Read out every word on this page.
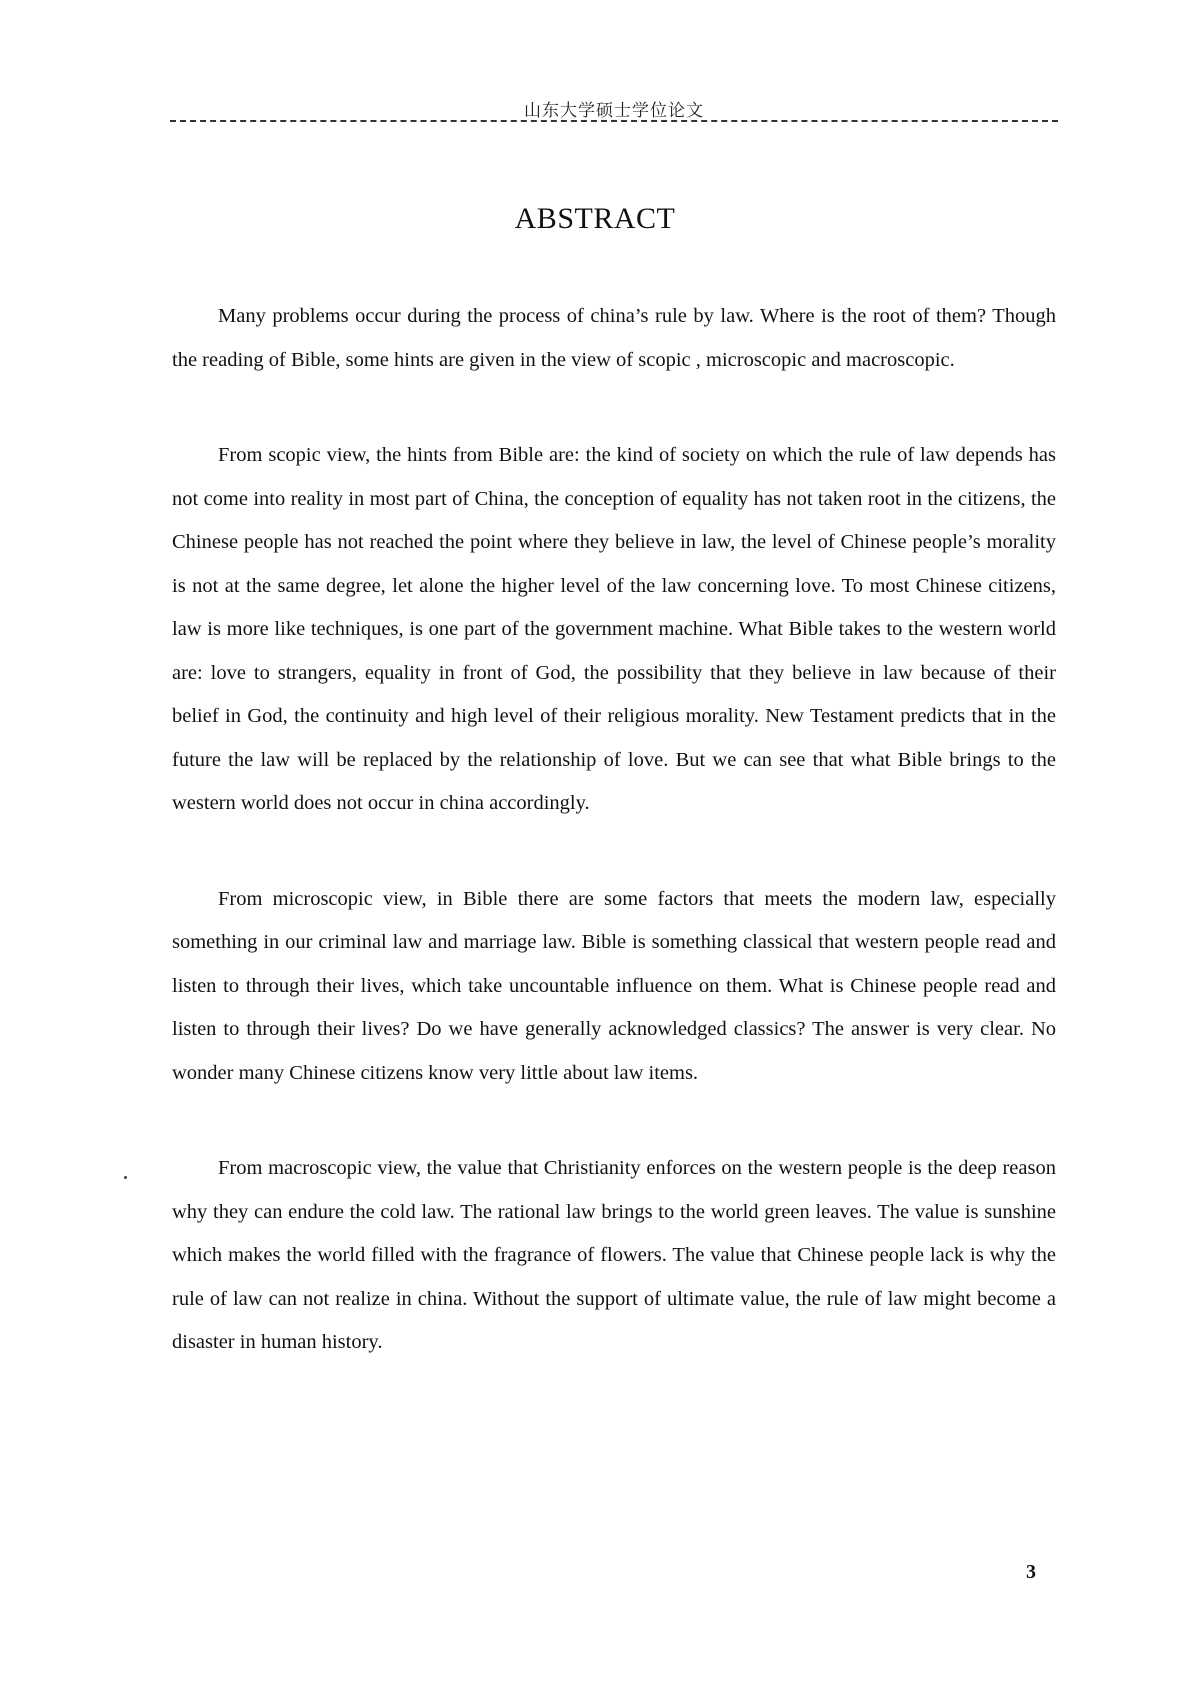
山东大学硕士学位论文
ABSTRACT

Many problems occur during the process of china’s rule by law. Where is the root of them? Though the reading of Bible, some hints are given in the view of scopic , microscopic and macroscopic.

From scopic view, the hints from Bible are: the kind of society on which the rule of law depends has not come into reality in most part of China, the conception of equality has not taken root in the citizens, the Chinese people has not reached the point where they believe in law, the level of Chinese people’s morality is not at the same degree, let alone the higher level of the law concerning love. To most Chinese citizens, law is more like techniques, is one part of the government machine. What Bible takes to the western world are: love to strangers, equality in front of God, the possibility that they believe in law because of their belief in God, the continuity and high level of their religious morality. New Testament predicts that in the future the law will be replaced by the relationship of love. But we can see that what Bible brings to the western world does not occur in china accordingly.

From microscopic view, in Bible there are some factors that meets the modern law, especially something in our criminal law and marriage law. Bible is something classical that western people read and listen to through their lives, which take uncountable influence on them. What is Chinese people read and listen to through their lives? Do we have generally acknowledged classics? The answer is very clear. No wonder many Chinese citizens know very little about law items.

From macroscopic view, the value that Christianity enforces on the western people is the deep reason why they can endure the cold law. The rational law brings to the world green leaves. The value is sunshine which makes the world filled with the fragrance of flowers. The value that Chinese people lack is why the rule of law can not realize in china. Without the support of ultimate value, the rule of law might become a disaster in human history.

3
